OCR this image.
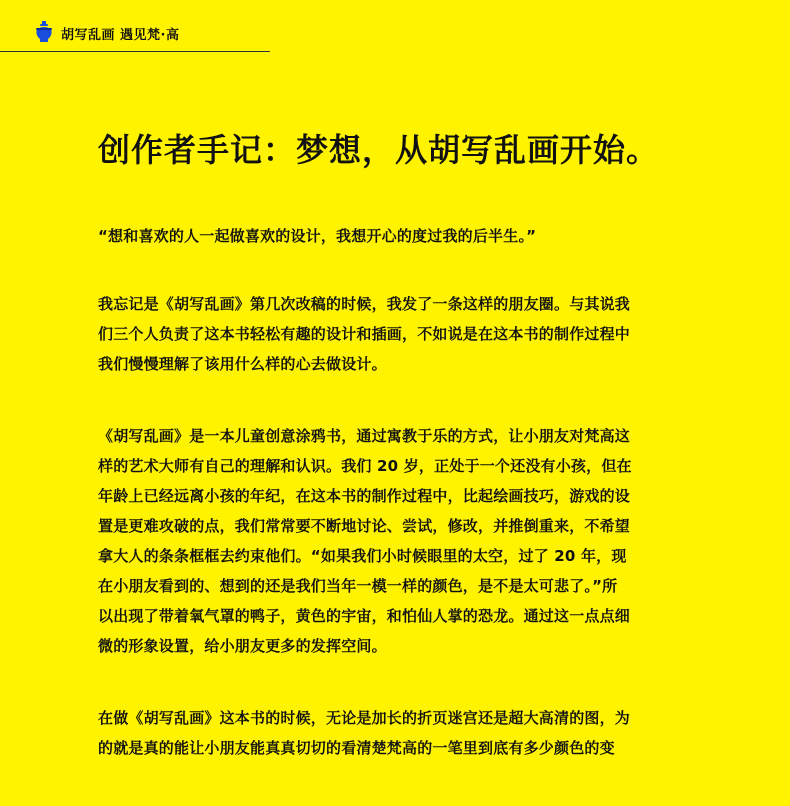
胡写乱画 遇见梵·高
创作者手记：梦想，从胡写乱画开始。

“想和喜欢的人一起做喜欢的设计，我想开心的度过我的后半生。”

我忘记是《胡写乱画》第几次改稿的时候，我发了一条这样的朋友圈。与其说我
们三个人负责了这本书轻松有趣的设计和插画，不如说是在这本书的制作过程中
我们慢慢理解了该用什么样的心去做设计。

《胡写乱画》是一本儿童创意涂鸦书，通过寓教于乐的方式，让小朋友对梵高这
样的艺术大师有自己的理解和认识。我们 20 岁，正处于一个还没有小孩，但在
年龄上已经远离小孩的年纪，在这本书的制作过程中，比起绘画技巧，游戏的设
置是更难攻破的点，我们常常要不断地讨论、尝试，修改，并推倒重来，不希望
拿大人的条条框框去约束他们。“如果我们小时候眼里的太空，过了 20 年，现
在小朋友看到的、想到的还是我们当年一模一样的颜色，是不是太可悲了。”所
以出现了带着氧气罩的鸭子，黄色的宇宙，和怕仙人掌的恐龙。通过这一点点细
微的形象设置，给小朋友更多的发挥空间。

在做《胡写乱画》这本书的时候，无论是加长的折页迷宫还是超大高清的图，为
的就是真的能让小朋友能真真切切的看清楚梵高的一笔里到底有多少颜色的变
